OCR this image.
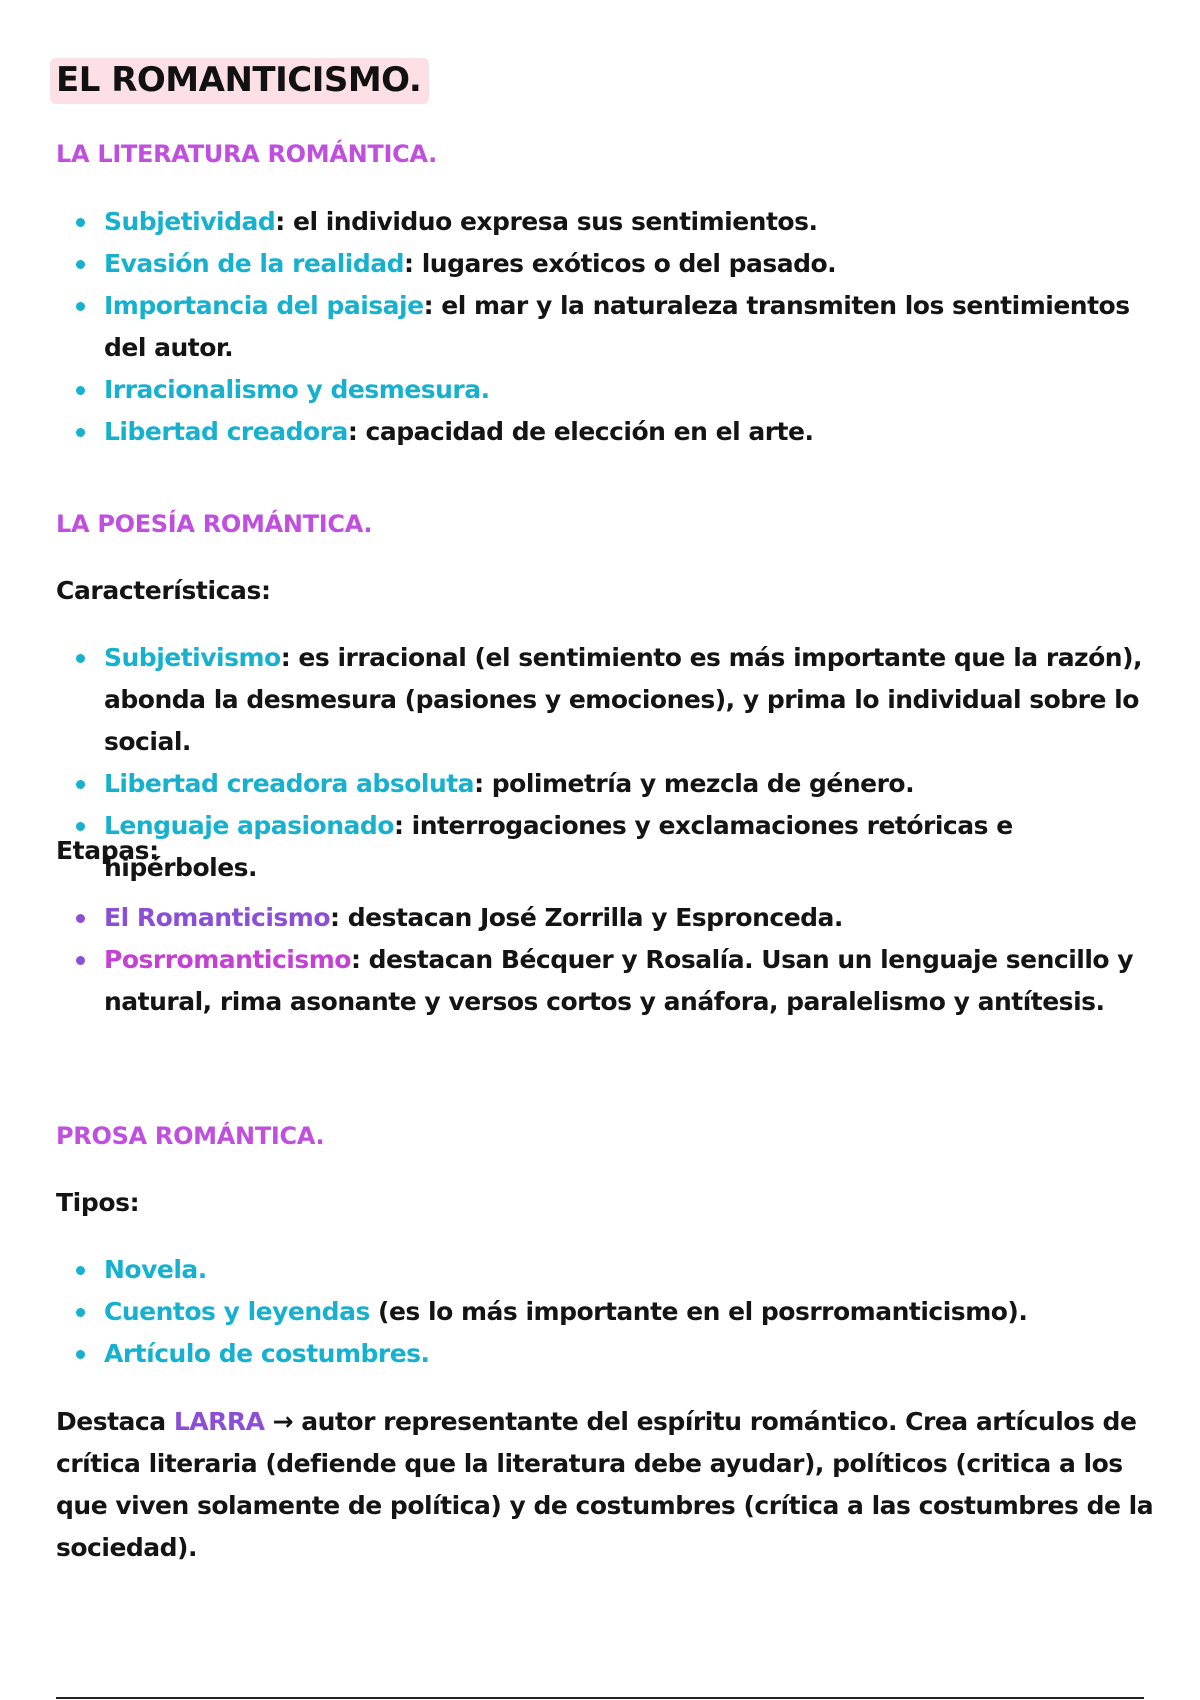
EL ROMANTICISMO.
LA LITERATURA ROMÁNTICA.
Subjetividad: el individuo expresa sus sentimientos.
Evasión de la realidad: lugares exóticos o del pasado.
Importancia del paisaje: el mar y la naturaleza transmiten los sentimientos del autor.
Irracionalismo y desmesura.
Libertad creadora: capacidad de elección en el arte.
LA POESÍA ROMÁNTICA.
Características:
Subjetivismo: es irracional (el sentimiento es más importante que la razón), abonda la desmesura (pasiones y emociones), y prima lo individual sobre lo social.
Libertad creadora absoluta: polimetría y mezcla de género.
Lenguaje apasionado: interrogaciones y exclamaciones retóricas e hipérboles.
Etapas:
El Romanticismo: destacan José Zorrilla y Espronceda.
Posrromanticismo: destacan Bécquer y Rosalía. Usan un lenguaje sencillo y natural, rima asonante y versos cortos y anáfora, paralelismo y antítesis.
PROSA ROMÁNTICA.
Tipos:
Novela.
Cuentos y leyendas (es lo más importante en el posrromanticismo).
Artículo de costumbres.
Destaca LARRA → autor representante del espíritu romántico. Crea artículos de crítica literaria (defiende que la literatura debe ayudar), políticos (critica a los que viven solamente de política) y de costumbres (crítica a las costumbres de la sociedad).
